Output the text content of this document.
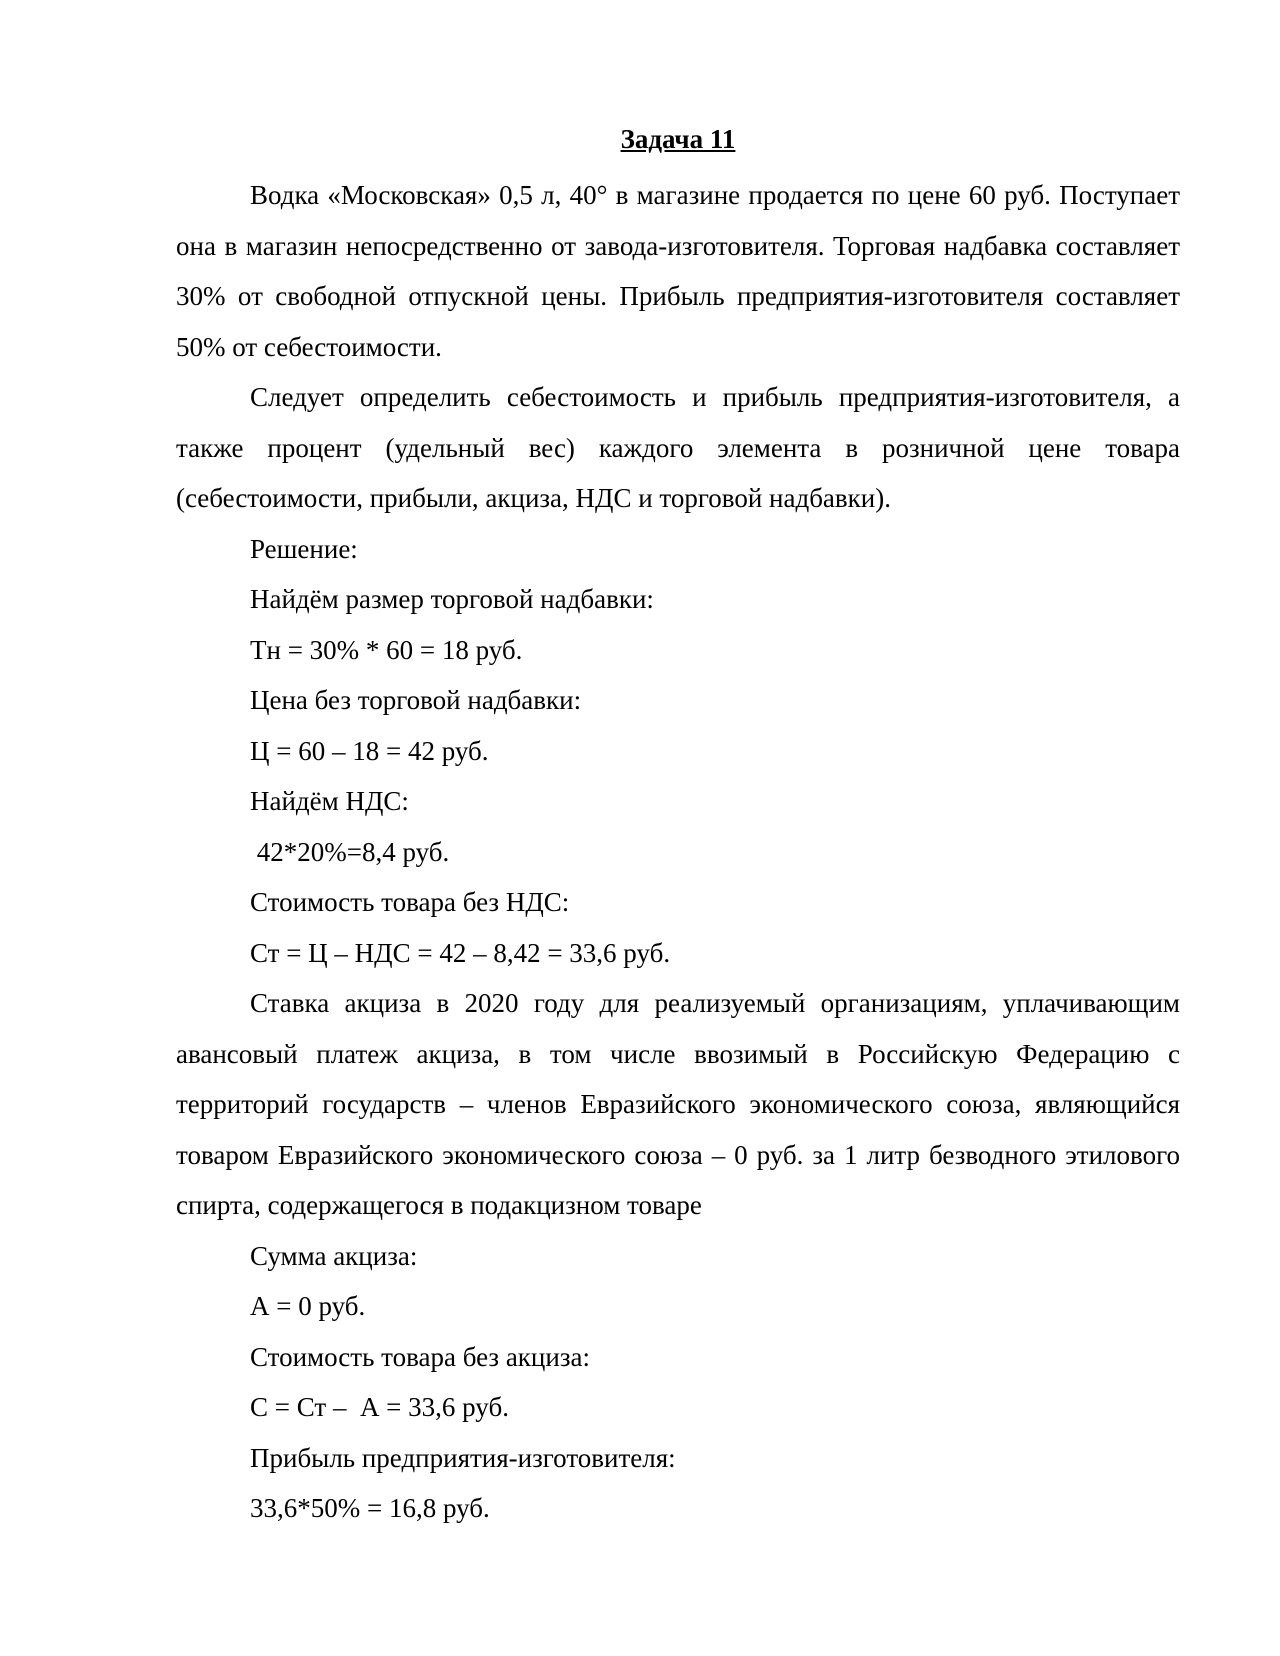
Задача 11

Водка «Московская» 0,5 л, 40° в магазине продается по цене 60 руб. Поступает она в магазин непосредственно от завода-изготовителя. Торговая надбавка составляет 30% от свободной отпускной цены. Прибыль предприятия-изготовителя составляет 50% от себестоимости.

Следует определить себестоимость и прибыль предприятия-изготовителя, а также процент (удельный вес) каждого элемента в розничной цене товара (себестоимости, прибыли, акциза, НДС и торговой надбавки).

Решение:
Найдём размер торговой надбавки:
Тн = 30% * 60 = 18 руб.
Цена без торговой надбавки:
Ц = 60 – 18 = 42 руб.
Найдём НДС:
42*20%=8,4 руб.
Стоимость товара без НДС:
Ст = Ц – НДС = 42 – 8,42 = 33,6 руб.

Ставка акциза в 2020 году для реализуемый организациям, уплачивающим авансовый платеж акциза, в том числе ввозимый в Российскую Федерацию с территорий государств – членов Евразийского экономического союза, являющийся товаром Евразийского экономического союза – 0 руб. за 1 литр безводного этилового спирта, содержащегося в подакцизном товаре

Сумма акциза:
А = 0 руб.
Стоимость товара без акциза:
С = Ст –  А = 33,6 руб.
Прибыль предприятия-изготовителя:
33,6*50% = 16,8 руб.
